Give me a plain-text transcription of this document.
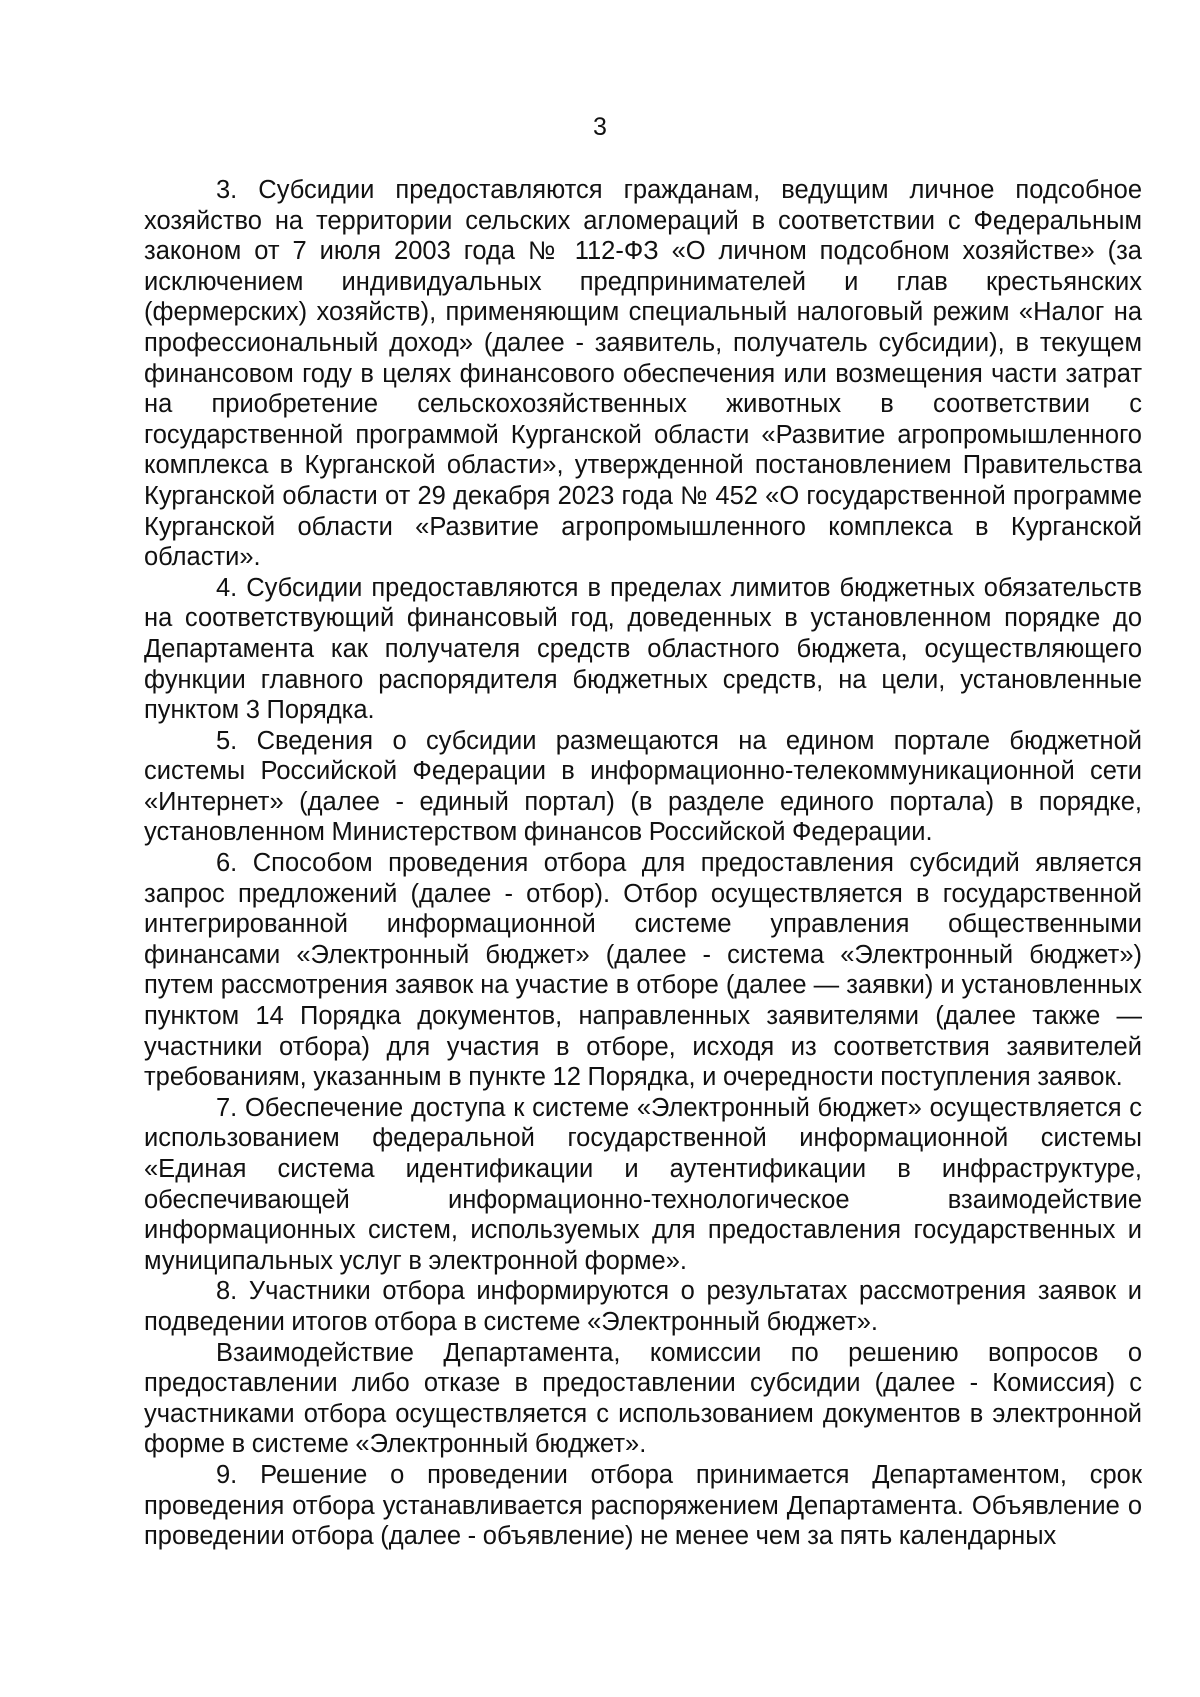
3

3. Субсидии предоставляются гражданам, ведущим личное подсобное хозяйство на территории сельских агломераций в соответствии с Федеральным законом от 7 июля 2003 года № 112-ФЗ «О личном подсобном хозяйстве» (за исключением индивидуальных предпринимателей и глав крестьянских (фермерских) хозяйств), применяющим специальный налоговый режим «Налог на профессиональный доход» (далее - заявитель, получатель субсидии), в текущем финансовом году в целях финансового обеспечения или возмещения части затрат на приобретение сельскохозяйственных животных в соответствии с государственной программой Курганской области «Развитие агропромышленного комплекса в Курганской области», утвержденной постановлением Правительства Курганской области от 29 декабря 2023 года № 452 «О государственной программе Курганской области «Развитие агропромышленного комплекса в Курганской области».

4. Субсидии предоставляются в пределах лимитов бюджетных обязательств на соответствующий финансовый год, доведенных в установленном порядке до Департамента как получателя средств областного бюджета, осуществляющего функции главного распорядителя бюджетных средств, на цели, установленные пунктом 3 Порядка.

5. Сведения о субсидии размещаются на едином портале бюджетной системы Российской Федерации в информационно-телекоммуникационной сети «Интернет» (далее - единый портал) (в разделе единого портала) в порядке, установленном Министерством финансов Российской Федерации.

6. Способом проведения отбора для предоставления субсидий является запрос предложений (далее - отбор). Отбор осуществляется в государственной интегрированной информационной системе управления общественными финансами «Электронный бюджет» (далее - система «Электронный бюджет») путем рассмотрения заявок на участие в отборе (далее — заявки) и установленных пунктом 14 Порядка документов, направленных заявителями (далее также — участники отбора) для участия в отборе, исходя из соответствия заявителей требованиям, указанным в пункте 12 Порядка, и очередности поступления заявок.

7. Обеспечение доступа к системе «Электронный бюджет» осуществляется с использованием федеральной государственной информационной системы «Единая система идентификации и аутентификации в инфраструктуре, обеспечивающей информационно-технологическое взаимодействие информационных систем, используемых для предоставления государственных и муниципальных услуг в электронной форме».

8. Участники отбора информируются о результатах рассмотрения заявок и подведении итогов отбора в системе «Электронный бюджет».

Взаимодействие Департамента, комиссии по решению вопросов о предоставлении либо отказе в предоставлении субсидии (далее - Комиссия) с участниками отбора осуществляется с использованием документов в электронной форме в системе «Электронный бюджет».

9. Решение о проведении отбора принимается Департаментом, срок проведения отбора устанавливается распоряжением Департамента. Объявление о проведении отбора (далее - объявление) не менее чем за пять календарных
